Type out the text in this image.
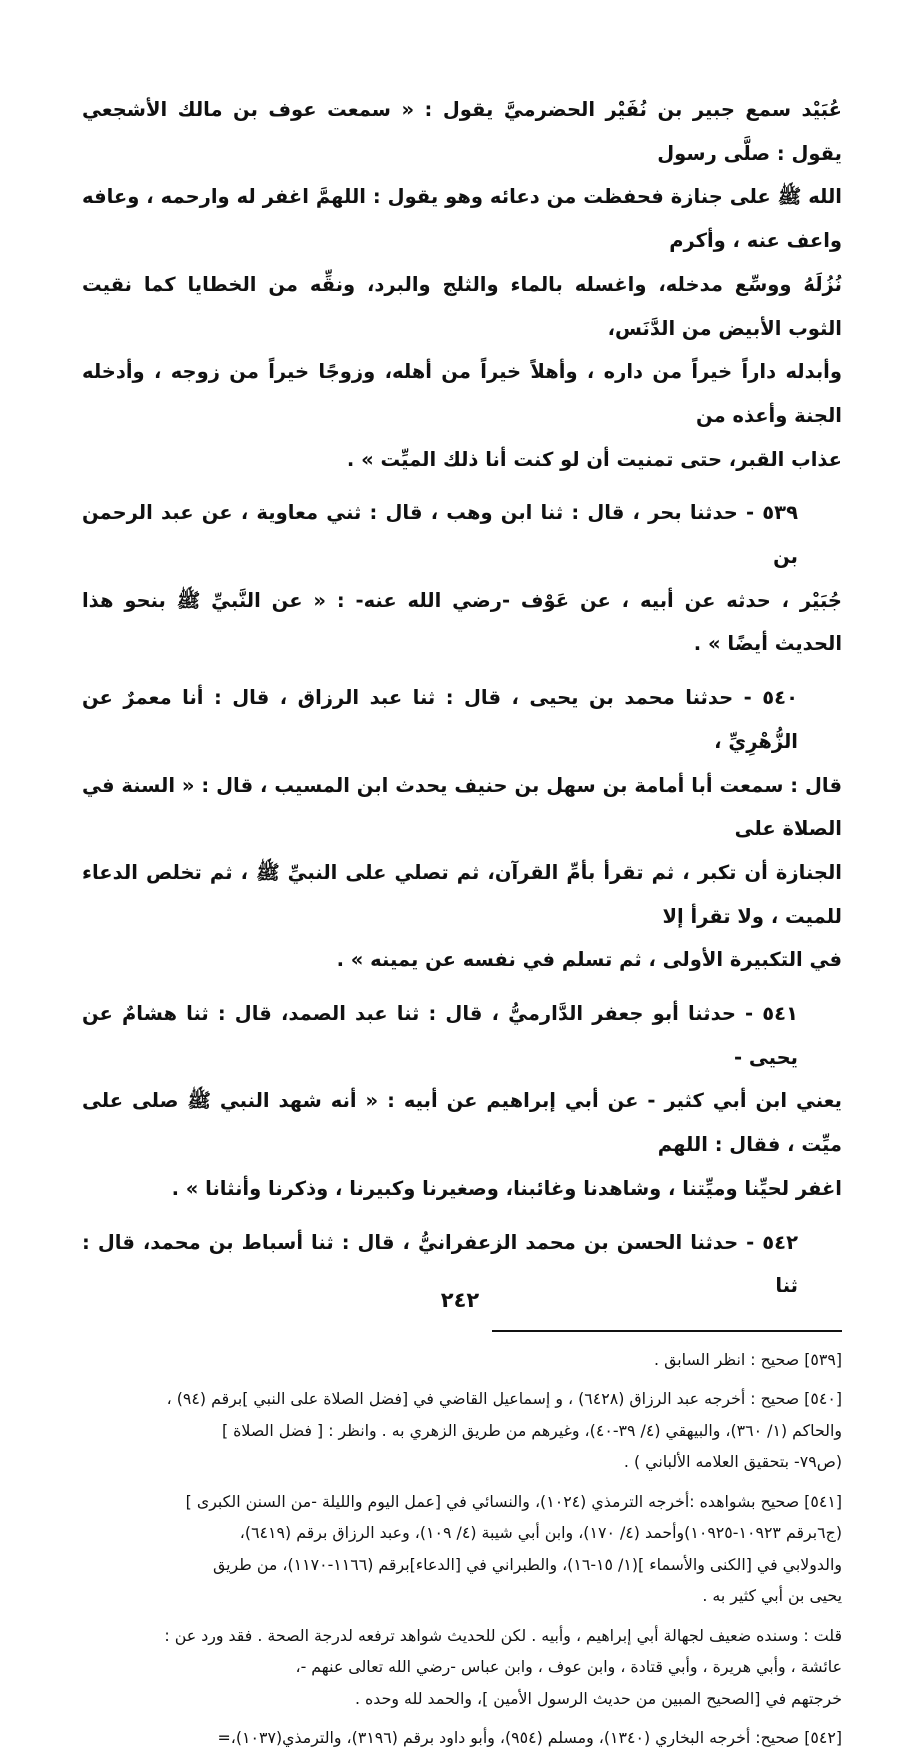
عُبَيْد سمع جبير بن نُفَيْر الحضرميَّ يقول : « سمعت عوف بن مالك الأشجعي يقول : صلَّى رسول
الله ﷺ على جنازة فحفظت من دعائه وهو يقول : اللهمَّ اغفر له وارحمه ، وعافه واعف عنه ، وأكرم
نُزُلَهُ ووسِّع مدخله، واغسله بالماء والثلج والبرد، ونقِّه من الخطايا كما نقيت الثوب الأبيض من الدَّنَس،
وأبدله داراً خيراً من داره ، وأهلاً خيراً من أهله، وزوجًا خيراً من زوجه ، وأدخله الجنة وأعذه من
عذاب القبر، حتى تمنيت أن لو كنت أنا ذلك الميِّت » .

٥٣٩ - حدثنا بحر ، قال : ثنا ابن وهب ، قال : ثني معاوية ، عن عبد الرحمن بن
جُبَيْر ، حدثه عن أبيه ، عن عَوْف -رضي الله عنه- : « عن النَّبيِّ ﷺ بنحو هذا الحديث أيضًا » .

٥٤٠ - حدثنا محمد بن يحيى ، قال : ثنا عبد الرزاق ، قال : أنا معمرٌ عن الزُّهْرِيِّ ،
قال : سمعت أبا أمامة بن سهل بن حنيف يحدث ابن المسيب ، قال : « السنة في الصلاة على
الجنازة أن تكبر ، ثم تقرأ بأمِّ القرآن، ثم تصلي على النبيِّ ﷺ ، ثم تخلص الدعاء للميت ، ولا تقرأ إلا
في التكبيرة الأولى ، ثم تسلم في نفسه عن يمينه » .

٥٤١ - حدثنا أبو جعفر الدَّارميُّ ، قال : ثنا عبد الصمد، قال : ثنا هشامٌ عن يحيى -
يعني ابن أبي كثير - عن أبي إبراهيم عن أبيه : « أنه شهد النبي ﷺ صلى على ميِّت ، فقال : اللهم
اغفر لحيِّنا وميِّتنا ، وشاهدنا وغائبنا، وصغيرنا وكبيرنا ، وذكرنا وأنثانا » .

٥٤٢ - حدثنا الحسن بن محمد الزعفرانيُّ ، قال : ثنا أسباط بن محمد، قال : ثنا

[٥٣٩] صحيح : انظر السابق .

[٥٤٠] صحيح : أخرجه عبد الرزاق (٦٤٢٨) ، و إسماعيل القاضي في [فضل الصلاة على النبي ]برقم (٩٤) ،
والحاكم (١/ ٣٦٠)، والبيهقي (٤/ ٣٩-٤٠)، وغيرهم من طريق الزهري به . وانظر : [ فضل الصلاة ]
(ص٧٩- بتحقيق العلامه الألباني ) .

[٥٤١] صحيح بشواهده :أخرجه الترمذي (١٠٢٤)، والنسائي في [عمل اليوم والليلة -من السنن الكبرى ]
(ج٦برقم ١٠٩٢٣-١٠٩٢٥)وأحمد (٤/ ١٧٠)، وابن أبي شيبة (٤/ ١٠٩)، وعبد الرزاق برقم (٦٤١٩)،
والدولابي في [الكنى والأسماء ](١/ ١٥-١٦)، والطبراني في [الدعاء]برقم (١١٦٦-١١٧٠)، من طريق
يحيى بن أبي كثير به .

قلت : وسنده ضعيف لجهالة أبي إبراهيم ، وأبيه . لكن للحديث شواهد ترفعه لدرجة الصحة . فقد ورد عن :
عائشة ، وأبي هريرة ، وأبي قتادة ، وابن عوف ، وابن عباس -رضي الله تعالى عنهم -،
خرجتهم في [الصحيح المبين من حديث الرسول الأمين ]، والحمد لله وحده .

[٥٤٢] صحيح: أخرجه البخاري (١٣٤٠)، ومسلم (٩٥٤)، وأبو داود برقم (٣١٩٦)، والترمذي(١٠٣٧)،=

٢٤٢
